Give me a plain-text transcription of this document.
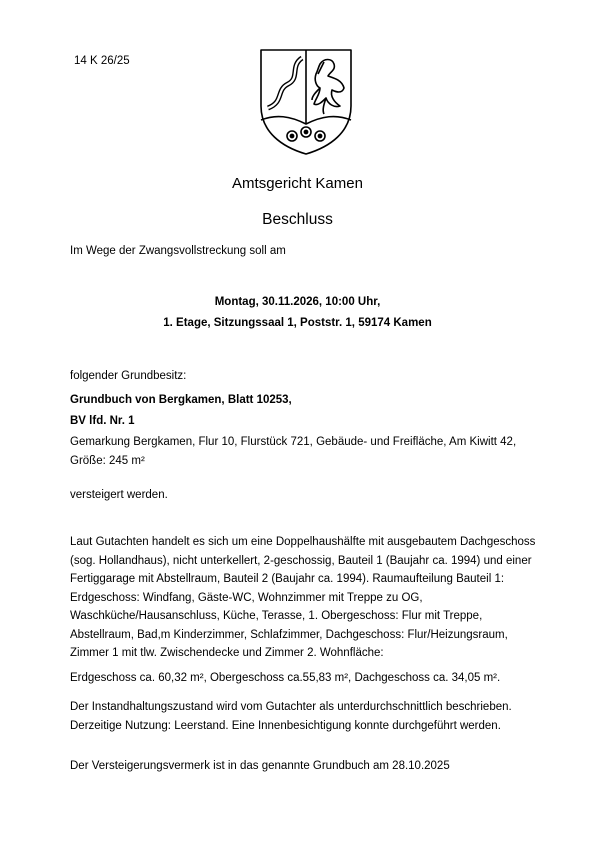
14 K 26/25
Amtsgericht Kamen
Beschluss
Im Wege der Zwangsvollstreckung soll am
Montag, 30.11.2026, 10:00 Uhr,
1. Etage, Sitzungssaal 1, Poststr. 1, 59174 Kamen
folgender Grundbesitz:
Grundbuch von Bergkamen, Blatt 10253,
BV lfd. Nr. 1
Gemarkung Bergkamen, Flur 10, Flurstück 721, Gebäude- und Freifläche, Am Kiwitt 42, Größe: 245 m²
versteigert werden.
Laut Gutachten handelt es sich um eine Doppelhaushälfte mit ausgebautem Dachgeschoss (sog. Hollandhaus), nicht unterkellert, 2-geschossig, Bauteil 1 (Baujahr ca. 1994) und einer Fertiggarage mit Abstellraum, Bauteil 2 (Baujahr ca. 1994). Raumaufteilung Bauteil 1: Erdgeschoss: Windfang, Gäste-WC, Wohnzimmer mit Treppe zu OG, Waschküche/Hausanschluss, Küche, Terasse, 1. Obergeschoss: Flur mit Treppe, Abstellraum, Bad,m Kinderzimmer, Schlafzimmer, Dachgeschoss: Flur/Heizungsraum, Zimmer 1 mit tlw. Zwischendecke und Zimmer 2. Wohnfläche:
Erdgeschoss ca. 60,32 m², Obergeschoss ca.55,83 m², Dachgeschoss ca. 34,05 m².
Der Instandhaltungszustand wird vom Gutachter als unterdurchschnittlich beschrieben. Derzeitige Nutzung: Leerstand. Eine Innenbesichtigung konnte durchgeführt werden.
Der Versteigerungsvermerk ist in das genannte Grundbuch am 28.10.2025
